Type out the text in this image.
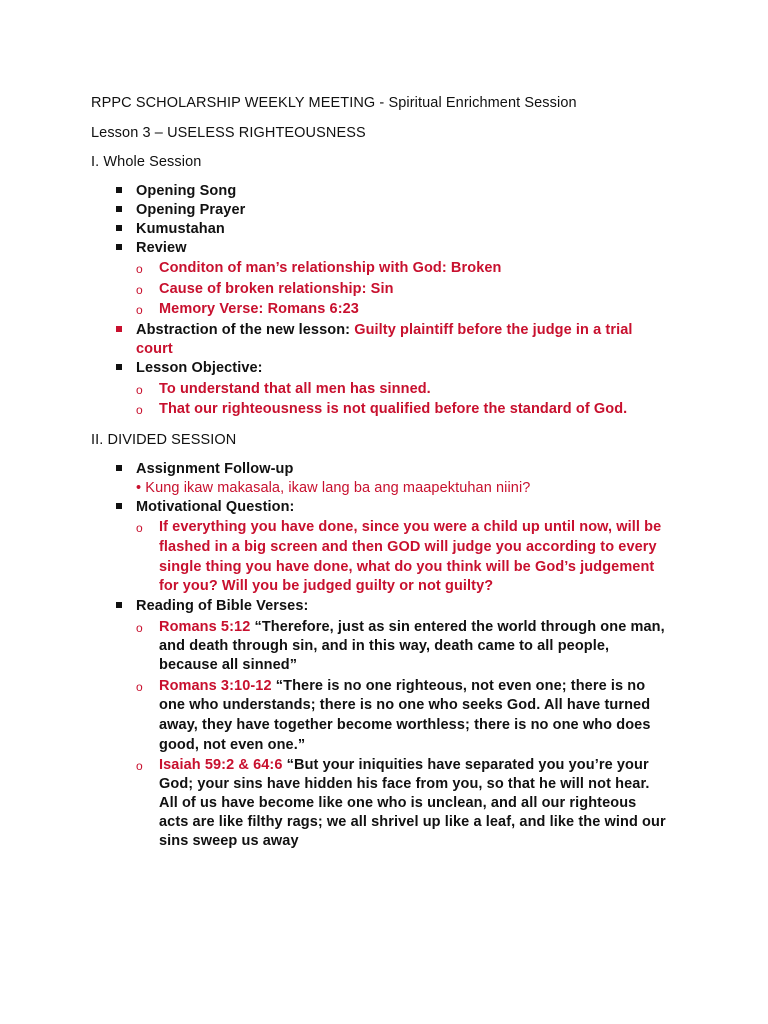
RPPC SCHOLARSHIP WEEKLY MEETING - Spiritual Enrichment Session
Lesson 3 – USELESS RIGHTEOUSNESS
I. Whole Session
Opening Song
Opening Prayer
Kumustahan
Review
o Conditon of man’s relationship with God: Broken
o Cause of broken relationship: Sin
o Memory Verse: Romans 6:23
Abstraction of the new lesson: Guilty plaintiff before the judge in a trial
court
Lesson Objective:
o To understand that all men has sinned.
o That our righteousness is not qualified before the standard of God.
II. DIVIDED SESSION
Assignment Follow-up
• Kung ikaw makasala, ikaw lang ba ang maapektuhan niini?
Motivational Question:
o If everything you have done, since you were a child up until now, will be
flashed in a big screen and then GOD will judge you according to every
single thing you have done, what do you think will be God’s judgement
for you? Will you be judged guilty or not guilty?
Reading of Bible Verses:
o Romans 5:12 “Therefore, just as sin entered the world through one man,
and death through sin, and in this way, death came to all people,
because all sinned”
o Romans 3:10-12 “There is no one righteous, not even one; there is no
one who understands; there is no one who seeks God. All have turned
away, they have together become worthless; there is no one who does
good, not even one.”
o Isaiah 59:2 & 64:6 “But your iniquities have separated you you’re your
God; your sins have hidden his face from you, so that he will not hear.
All of us have become like one who is unclean, and all our righteous
acts are like filthy rags; we all shrivel up like a leaf, and like the wind our
sins sweep us away
